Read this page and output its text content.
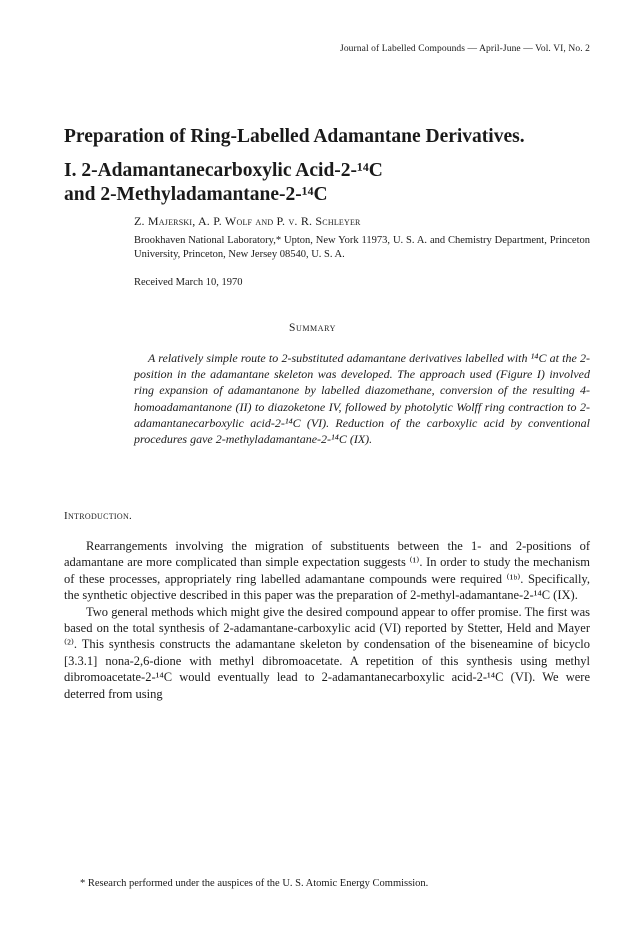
Journal of Labelled Compounds — April-June — Vol. VI, No. 2
Preparation of Ring-Labelled Adamantane Derivatives.
I. 2-Adamantanecarboxylic Acid-2-¹⁴C
and 2-Methyladamantane-2-¹⁴C
Z. Majerski, A. P. Wolf and P. v. R. Schleyer
Brookhaven National Laboratory,* Upton, New York 11973, U. S. A. and Chemistry Department, Princeton University, Princeton, New Jersey 08540, U. S. A.
Received March 10, 1970
Summary

A relatively simple route to 2-substituted adamantane derivatives labelled with ¹⁴C at the 2-position in the adamantane skeleton was developed. The approach used (Figure I) involved ring expansion of adamantanone by labelled diazomethane, conversion of the resulting 4-homoadamantanone (II) to diazoketone IV, followed by photolytic Wolff ring contraction to 2-adamantanecarboxylic acid-2-¹⁴C (VI). Reduction of the carboxylic acid by conventional procedures gave 2-methyladamantane-2-¹⁴C (IX).

Introduction.

Rearrangements involving the migration of substituents between the 1- and 2-positions of adamantane are more complicated than simple expectation suggests ⁽¹⁾. In order to study the mechanism of these processes, appropriately ring labelled adamantane compounds were required ⁽¹ᵇ⁾. Specifically, the synthetic objective described in this paper was the preparation of 2-methyl-adamantane-2-¹⁴C (IX).

Two general methods which might give the desired compound appear to offer promise. The first was based on the total synthesis of 2-adamantane-carboxylic acid (VI) reported by Stetter, Held and Mayer ⁽²⁾. This synthesis constructs the adamantane skeleton by condensation of the biseneamine of bicyclo [3.3.1] nona-2,6-dione with methyl dibromoacetate. A repetition of this synthesis using methyl dibromoacetate-2-¹⁴C would eventually lead to 2-adamantanecarboxylic acid-2-¹⁴C (VI). We were deterred from using

* Research performed under the auspices of the U. S. Atomic Energy Commission.
